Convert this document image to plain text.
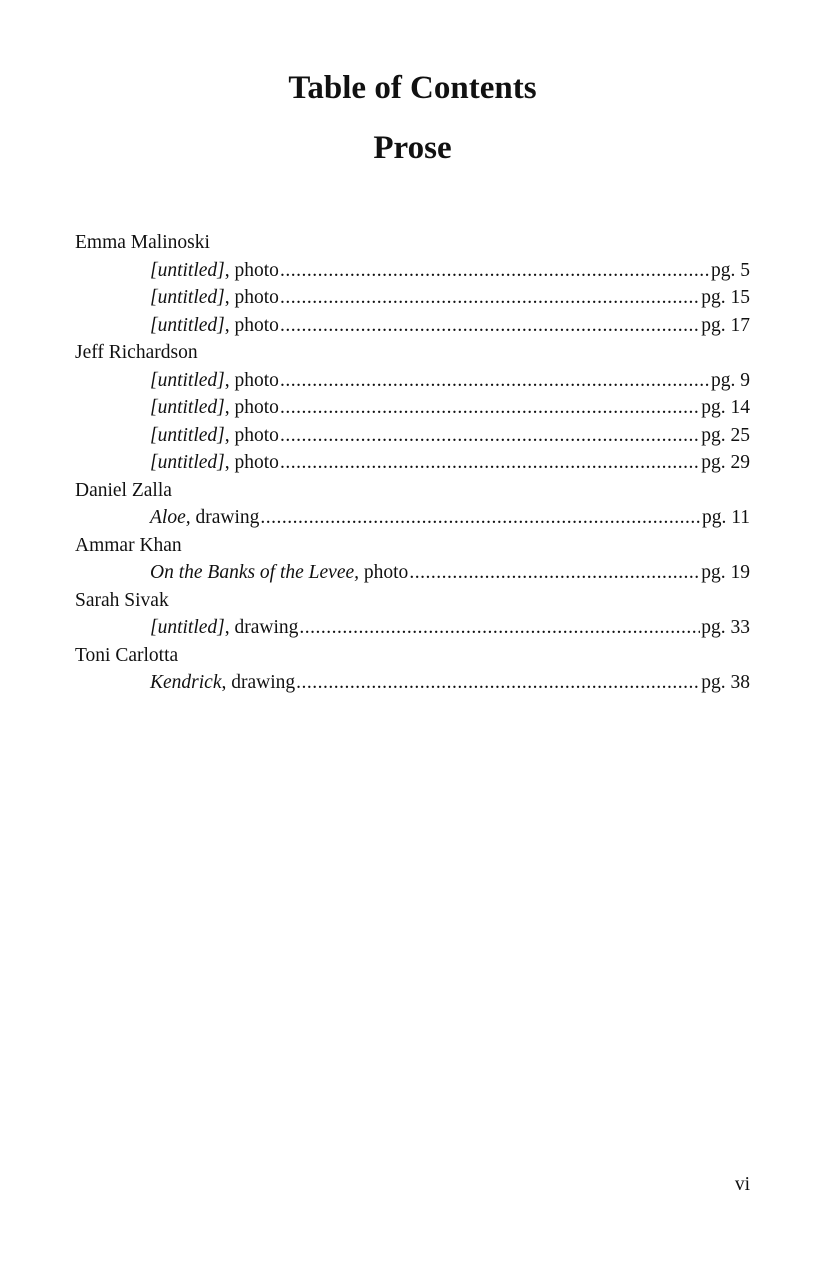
Table of Contents
Prose
Emma Malinoski
[untitled], photo .....	pg. 5
[untitled], photo .....	pg. 15
[untitled], photo .....	pg. 17
Jeff Richardson
[untitled], photo .....	pg. 9
[untitled], photo .....	pg. 14
[untitled], photo .....	pg. 25
[untitled], photo .....	pg. 29
Daniel Zalla
Aloe, drawing .....	pg. 11
Ammar Khan
On the Banks of the Levee, photo .....	pg. 19
Sarah Sivak
[untitled], drawing .....	pg. 33
Toni Carlotta
Kendrick, drawing .....	pg. 38
vi
